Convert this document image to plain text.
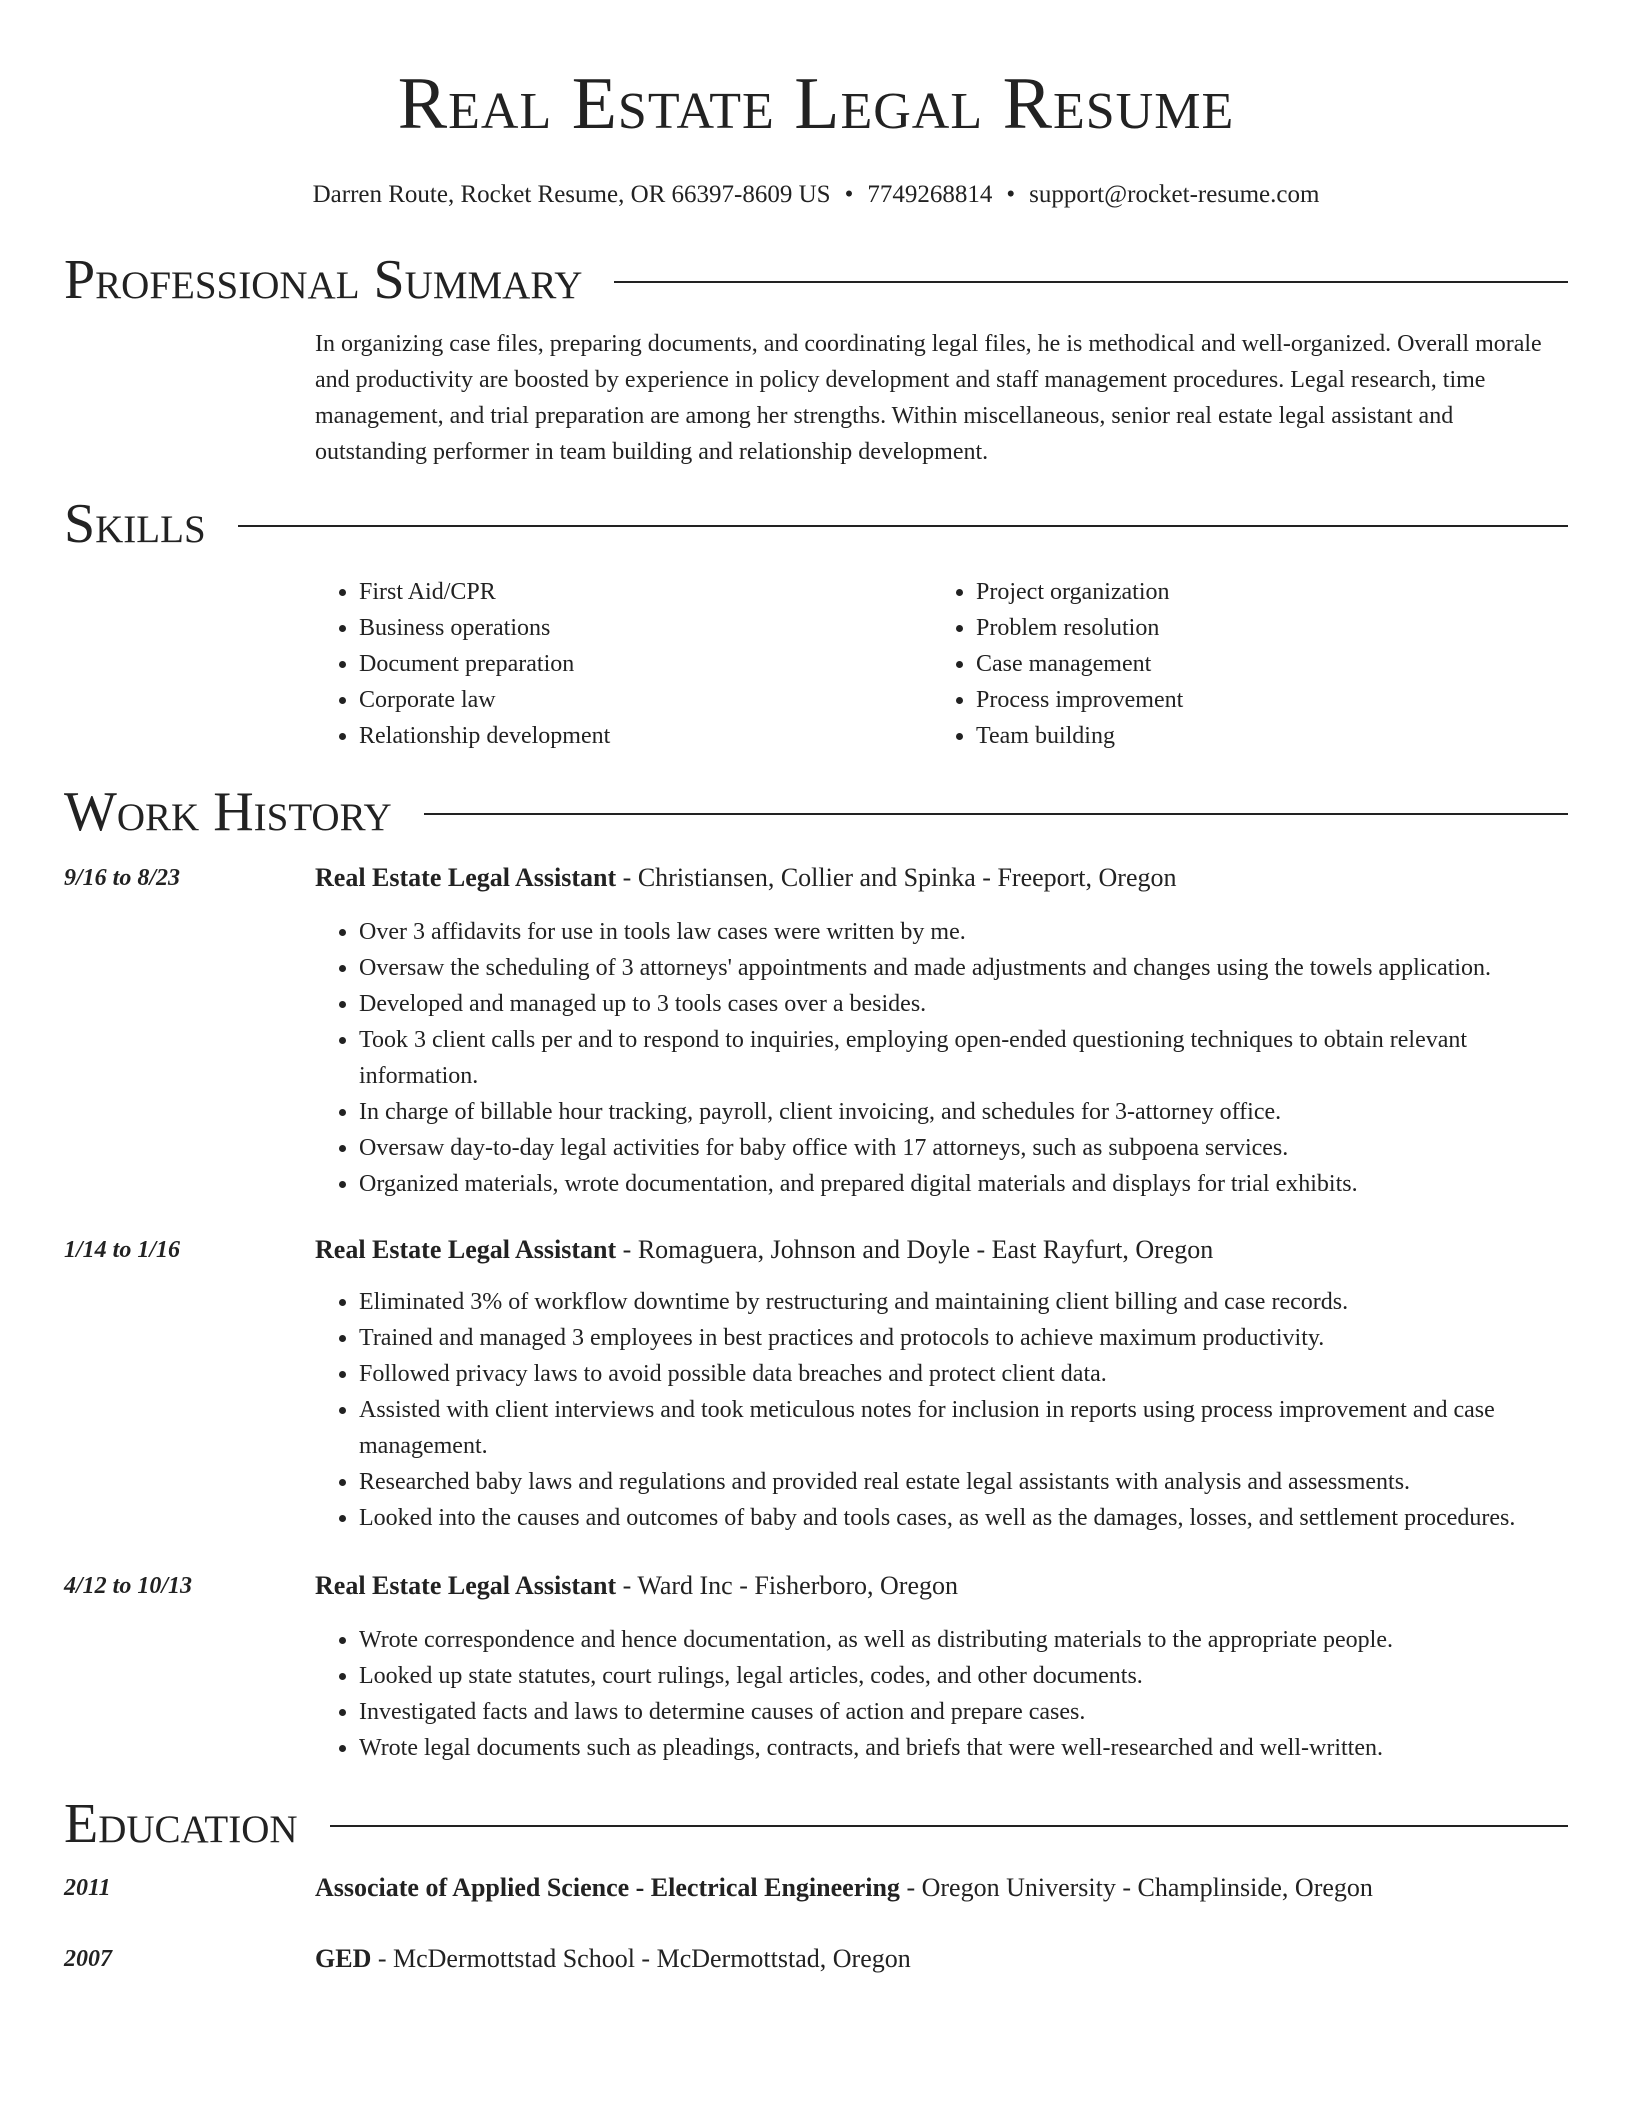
Real Estate Legal Resume
Darren Route, Rocket Resume, OR 66397-8609 US • 7749268814 • support@rocket-resume.com
Professional Summary

In organizing case files, preparing documents, and coordinating legal files, he is methodical and well-organized. Overall morale and productivity are boosted by experience in policy development and staff management procedures. Legal research, time management, and trial preparation are among her strengths. Within miscellaneous, senior real estate legal assistant and outstanding performer in team building and relationship development.

Skills
• First Aid/CPR
• Business operations
• Document preparation
• Corporate law
• Relationship development
• Project organization
• Problem resolution
• Case management
• Process improvement
• Team building
Work History
9/16 to 8/23	Real Estate Legal Assistant - Christiansen, Collier and Spinka - Freeport, Oregon
• Over 3 affidavits for use in tools law cases were written by me.
• Oversaw the scheduling of 3 attorneys' appointments and made adjustments and changes using the towels application.
• Developed and managed up to 3 tools cases over a besides.
• Took 3 client calls per and to respond to inquiries, employing open-ended questioning techniques to obtain relevant information.
• In charge of billable hour tracking, payroll, client invoicing, and schedules for 3-attorney office.
• Oversaw day-to-day legal activities for baby office with 17 attorneys, such as subpoena services.
• Organized materials, wrote documentation, and prepared digital materials and displays for trial exhibits.
1/14 to 1/16	Real Estate Legal Assistant - Romaguera, Johnson and Doyle - East Rayfurt, Oregon
• Eliminated 3% of workflow downtime by restructuring and maintaining client billing and case records.
• Trained and managed 3 employees in best practices and protocols to achieve maximum productivity.
• Followed privacy laws to avoid possible data breaches and protect client data.
• Assisted with client interviews and took meticulous notes for inclusion in reports using process improvement and case management.
• Researched baby laws and regulations and provided real estate legal assistants with analysis and assessments.
• Looked into the causes and outcomes of baby and tools cases, as well as the damages, losses, and settlement procedures.
4/12 to 10/13	Real Estate Legal Assistant - Ward Inc - Fisherboro, Oregon
• Wrote correspondence and hence documentation, as well as distributing materials to the appropriate people.
• Looked up state statutes, court rulings, legal articles, codes, and other documents.
• Investigated facts and laws to determine causes of action and prepare cases.
• Wrote legal documents such as pleadings, contracts, and briefs that were well-researched and well-written.
Education
2011	Associate of Applied Science - Electrical Engineering - Oregon University - Champlinside, Oregon
2007	GED - McDermottstad School - McDermottstad, Oregon
